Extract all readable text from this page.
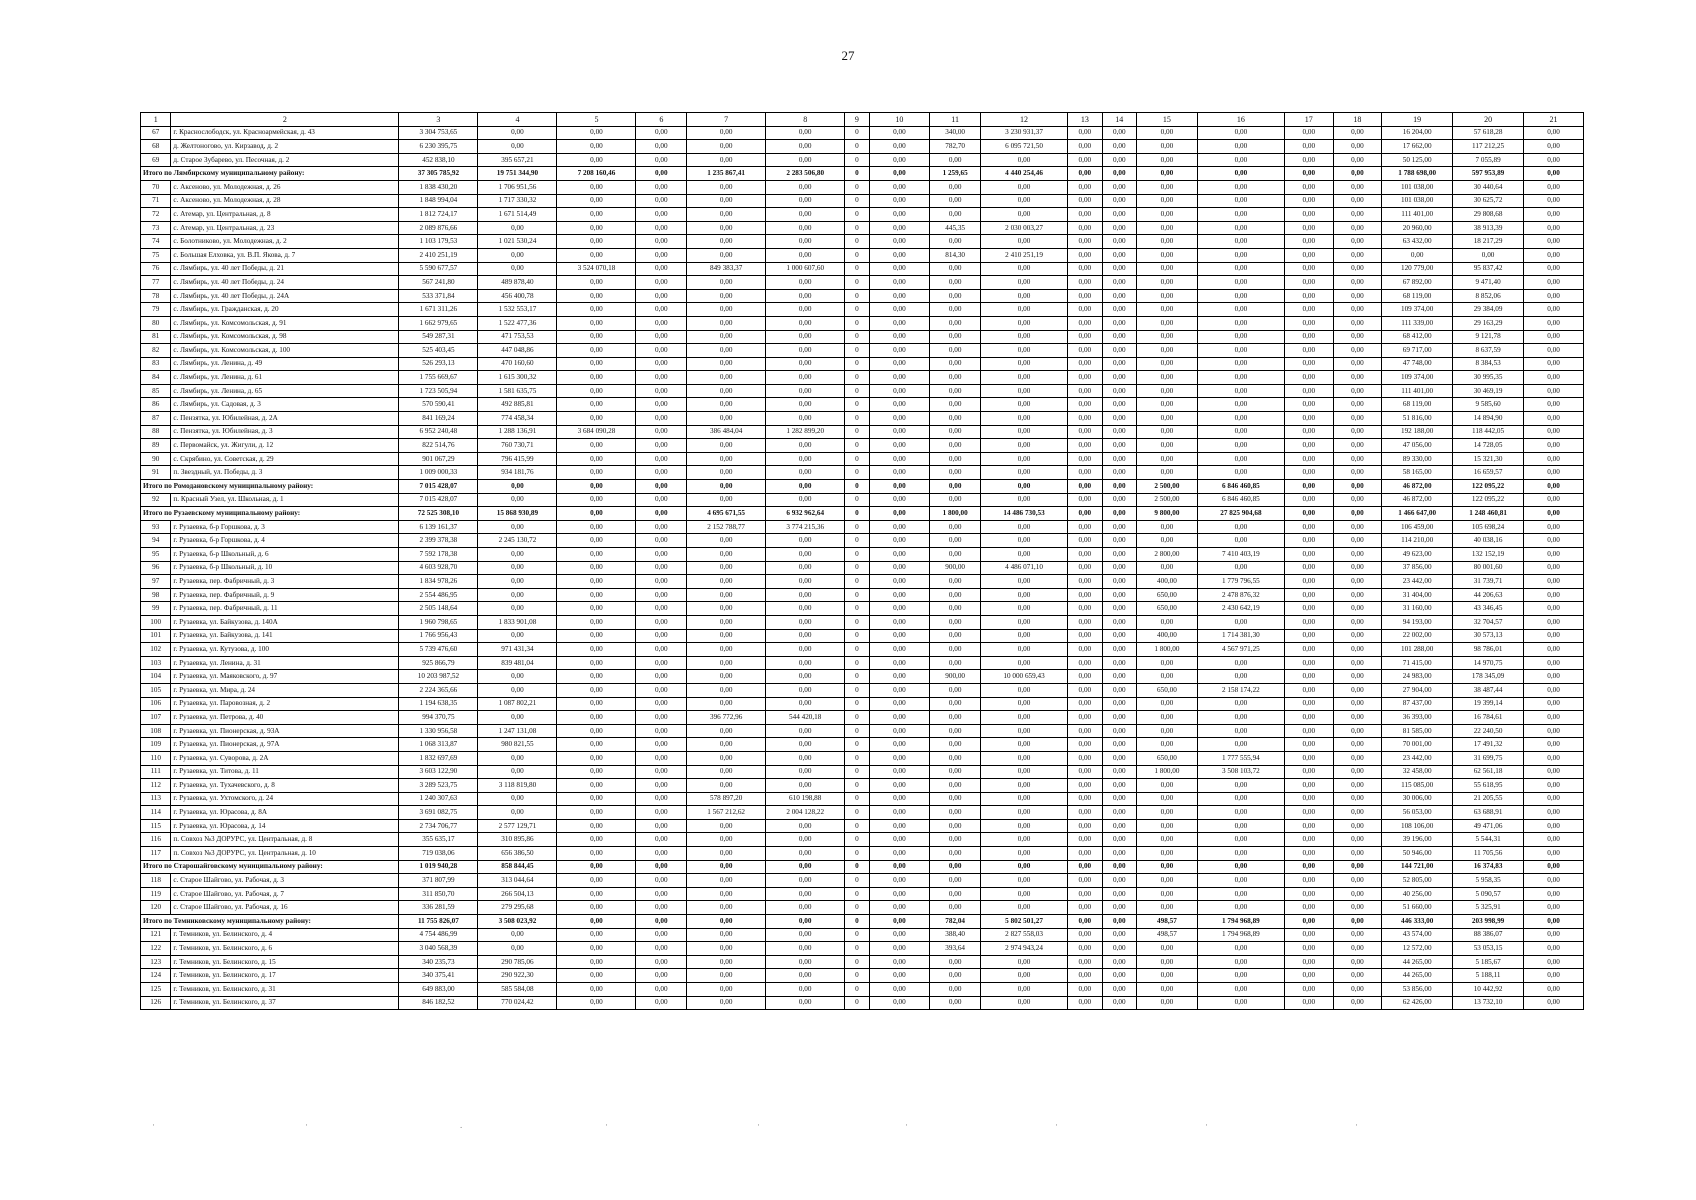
27
1	2	3	4	5	6	7	8	9	10	11	12	13	14	15	16	17	18	19	20	21
67	г. Краснослободск, ул. Красноармейская, д. 43	3 304 753,65	0,00	0,00	0,00	0,00	0,00	0	0,00	340,00	3 230 931,37	0,00	0,00	0,00	0,00	0,00	0,00	16 204,00	57 618,28	0,00
68	д. Желтоногово, ул. Кирзавод, д. 2	6 230 395,75	0,00	0,00	0,00	0,00	0,00	0	0,00	782,70	6 095 721,50	0,00	0,00	0,00	0,00	0,00	0,00	17 662,00	117 212,25	0,00
69	д. Старое Зубарево, ул. Песочная, д. 2	452 838,10	395 657,21	0,00	0,00	0,00	0,00	0	0,00	0,00	0,00	0,00	0,00	0,00	0,00	0,00	0,00	50 125,00	7 055,89	0,00
Итого по Лямбирскому муниципальному району:		37 305 785,92	19 751 344,90	7 208 160,46	0,00	1 235 867,41	2 283 506,80	0	0,00	1 259,65	4 440 254,46	0,00	0,00	0,00	0,00	0,00	0,00	1 788 698,00	597 953,89	0,00
70	с. Аксеново, ул. Молодежная, д. 26	1 838 430,20	1 706 951,56	0,00	0,00	0,00	0,00	0	0,00	0,00	0,00	0,00	0,00	0,00	0,00	0,00	0,00	101 038,00	30 440,64	0,00
71	с. Аксеново, ул. Молодежная, д. 28	1 848 994,04	1 717 330,32	0,00	0,00	0,00	0,00	0	0,00	0,00	0,00	0,00	0,00	0,00	0,00	0,00	0,00	101 038,00	30 625,72	0,00
72	с. Атемар, ул. Центральная, д. 8	1 812 724,17	1 671 514,49	0,00	0,00	0,00	0,00	0	0,00	0,00	0,00	0,00	0,00	0,00	0,00	0,00	0,00	111 401,00	29 808,68	0,00
73	с. Атемар, ул. Центральная, д. 23	2 089 876,66	0,00	0,00	0,00	0,00	0,00	0	0,00	445,35	2 030 003,27	0,00	0,00	0,00	0,00	0,00	0,00	20 960,00	38 913,39	0,00
74	с. Болотниково, ул. Молодежная, д. 2	1 103 179,53	1 021 530,24	0,00	0,00	0,00	0,00	0	0,00	0,00	0,00	0,00	0,00	0,00	0,00	0,00	0,00	63 432,00	18 217,29	0,00
75	с. Большая Елховка, ул. В.П. Якова, д. 7	2 410 251,19	0,00	0,00	0,00	0,00	0,00	0	0,00	814,30	2 410 251,19	0,00	0,00	0,00	0,00	0,00	0,00	0,00	0,00	0,00
76	с. Лямбирь, ул. 40 лет Победы, д. 21	5 590 677,57	0,00	3 524 070,18	0,00	849 383,37	1 000 607,60	0	0,00	0,00	0,00	0,00	0,00	0,00	0,00	0,00	0,00	120 779,00	95 837,42	0,00
77	с. Лямбирь, ул. 40 лет Победы, д. 24	567 241,80	489 878,40	0,00	0,00	0,00	0,00	0	0,00	0,00	0,00	0,00	0,00	0,00	0,00	0,00	0,00	67 892,00	9 471,40	0,00
78	с. Лямбирь, ул. 40 лет Победы, д. 24А	533 371,84	456 400,78	0,00	0,00	0,00	0,00	0	0,00	0,00	0,00	0,00	0,00	0,00	0,00	0,00	0,00	68 119,00	8 852,06	0,00
79	с. Лямбирь, ул. Гражданская, д. 20	1 671 311,26	1 532 553,17	0,00	0,00	0,00	0,00	0	0,00	0,00	0,00	0,00	0,00	0,00	0,00	0,00	0,00	109 374,00	29 384,09	0,00
80	с. Лямбирь, ул. Комсомольская, д. 91	1 662 979,65	1 522 477,36	0,00	0,00	0,00	0,00	0	0,00	0,00	0,00	0,00	0,00	0,00	0,00	0,00	0,00	111 339,00	29 163,29	0,00
81	с. Лямбирь, ул. Комсомольская, д. 98	549 287,31	471 753,53	0,00	0,00	0,00	0,00	0	0,00	0,00	0,00	0,00	0,00	0,00	0,00	0,00	0,00	68 412,00	9 121,78	0,00
82	с. Лямбирь, ул. Комсомольская, д. 100	525 403,45	447 048,86	0,00	0,00	0,00	0,00	0	0,00	0,00	0,00	0,00	0,00	0,00	0,00	0,00	0,00	69 717,00	8 637,59	0,00
83	с. Лямбирь, ул. Ленина, д. 49	526 293,13	470 160,60	0,00	0,00	0,00	0,00	0	0,00	0,00	0,00	0,00	0,00	0,00	0,00	0,00	0,00	47 748,00	8 384,53	0,00
84	с. Лямбирь, ул. Ленина, д. 61	1 755 669,67	1 615 300,32	0,00	0,00	0,00	0,00	0	0,00	0,00	0,00	0,00	0,00	0,00	0,00	0,00	0,00	109 374,00	30 995,35	0,00
85	с. Лямбирь, ул. Ленина, д. 65	1 723 505,94	1 581 635,75	0,00	0,00	0,00	0,00	0	0,00	0,00	0,00	0,00	0,00	0,00	0,00	0,00	0,00	111 401,00	30 469,19	0,00
86	с. Лямбирь, ул. Садовая, д. 3	570 590,41	492 885,81	0,00	0,00	0,00	0,00	0	0,00	0,00	0,00	0,00	0,00	0,00	0,00	0,00	0,00	68 119,00	9 585,60	0,00
87	с. Пензятка, ул. Юбилейная, д. 2А	841 169,24	774 458,34	0,00	0,00	0,00	0,00	0	0,00	0,00	0,00	0,00	0,00	0,00	0,00	0,00	0,00	51 816,00	14 894,90	0,00
88	с. Пензятка, ул. Юбилейная, д. 3	6 952 240,48	1 288 136,91	3 684 090,28	0,00	386 484,04	1 282 899,20	0	0,00	0,00	0,00	0,00	0,00	0,00	0,00	0,00	0,00	192 188,00	118 442,05	0,00
89	с. Первомайск, ул. Жигули, д. 12	822 514,76	760 730,71	0,00	0,00	0,00	0,00	0	0,00	0,00	0,00	0,00	0,00	0,00	0,00	0,00	0,00	47 056,00	14 728,05	0,00
90	с. Скрябино, ул. Советская, д. 29	901 067,29	796 415,99	0,00	0,00	0,00	0,00	0	0,00	0,00	0,00	0,00	0,00	0,00	0,00	0,00	0,00	89 330,00	15 321,30	0,00
91	п. Звездный, ул. Победы, д. 3	1 009 000,33	934 181,76	0,00	0,00	0,00	0,00	0	0,00	0,00	0,00	0,00	0,00	0,00	0,00	0,00	0,00	58 165,00	16 659,57	0,00
Итого по Ромодановскому муниципальному району:		7 015 428,07	0,00	0,00	0,00	0,00	0,00	0	0,00	0,00	0,00	0,00	0,00	2 500,00	6 846 460,85	0,00	0,00	46 872,00	122 095,22	0,00
92	п. Красный Узел, ул. Школьная, д. 1	7 015 428,07	0,00	0,00	0,00	0,00	0,00	0	0,00	0,00	0,00	0,00	0,00	2 500,00	6 846 460,85	0,00	0,00	46 872,00	122 095,22	0,00
Итого по Рузаевскому муниципальному району:		72 525 308,10	15 868 930,89	0,00	0,00	4 695 671,55	6 932 962,64	0	0,00	1 800,00	14 486 730,53	0,00	0,00	9 800,00	27 825 904,68	0,00	0,00	1 466 647,00	1 248 460,81	0,00
93	г. Рузаевка, б-р Горшкова, д. 3	6 139 161,37	0,00	0,00	0,00	2 152 788,77	3 774 215,36	0	0,00	0,00	0,00	0,00	0,00	0,00	0,00	0,00	0,00	106 459,00	105 698,24	0,00
94	г. Рузаевка, б-р Горшкова, д. 4	2 399 378,38	2 245 130,72	0,00	0,00	0,00	0,00	0	0,00	0,00	0,00	0,00	0,00	0,00	0,00	0,00	0,00	114 210,00	40 038,16	0,00
95	г. Рузаевка, б-р Школьный, д. 6	7 592 178,38	0,00	0,00	0,00	0,00	0,00	0	0,00	0,00	0,00	0,00	0,00	2 800,00	7 410 403,19	0,00	0,00	49 623,00	132 152,19	0,00
96	г. Рузаевка, б-р Школьный, д. 10	4 603 928,70	0,00	0,00	0,00	0,00	0,00	0	0,00	900,00	4 486 071,10	0,00	0,00	0,00	0,00	0,00	0,00	37 856,00	80 001,60	0,00
97	г. Рузаевка, пер. Фабричный, д. 3	1 834 978,26	0,00	0,00	0,00	0,00	0,00	0	0,00	0,00	0,00	0,00	0,00	400,00	1 779 796,55	0,00	0,00	23 442,00	31 739,71	0,00
98	г. Рузаевка, пер. Фабричный, д. 9	2 554 486,95	0,00	0,00	0,00	0,00	0,00	0	0,00	0,00	0,00	0,00	0,00	650,00	2 478 876,32	0,00	0,00	31 404,00	44 206,63	0,00
99	г. Рузаевка, пер. Фабричный, д. 11	2 505 148,64	0,00	0,00	0,00	0,00	0,00	0	0,00	0,00	0,00	0,00	0,00	650,00	2 430 642,19	0,00	0,00	31 160,00	43 346,45	0,00
100	г. Рузаевка, ул. Байкузова, д. 140А	1 960 798,65	1 833 901,08	0,00	0,00	0,00	0,00	0	0,00	0,00	0,00	0,00	0,00	0,00	0,00	0,00	0,00	94 193,00	32 704,57	0,00
101	г. Рузаевка, ул. Байкузова, д. 141	1 766 956,43	0,00	0,00	0,00	0,00	0,00	0	0,00	0,00	0,00	0,00	0,00	400,00	1 714 381,30	0,00	0,00	22 002,00	30 573,13	0,00
102	г. Рузаевка, ул. Кутузова, д. 100	5 739 476,60	971 431,34	0,00	0,00	0,00	0,00	0	0,00	0,00	0,00	0,00	0,00	1 800,00	4 567 971,25	0,00	0,00	101 288,00	98 786,01	0,00
103	г. Рузаевка, ул. Ленина, д. 31	925 866,79	839 481,04	0,00	0,00	0,00	0,00	0	0,00	0,00	0,00	0,00	0,00	0,00	0,00	0,00	0,00	71 415,00	14 970,75	0,00
104	г. Рузаевка, ул. Маяковского, д. 97	10 203 987,52	0,00	0,00	0,00	0,00	0,00	0	0,00	900,00	10 000 659,43	0,00	0,00	0,00	0,00	0,00	0,00	24 983,00	178 345,09	0,00
105	г. Рузаевка, ул. Мира, д. 24	2 224 365,66	0,00	0,00	0,00	0,00	0,00	0	0,00	0,00	0,00	0,00	0,00	650,00	2 158 174,22	0,00	0,00	27 904,00	38 487,44	0,00
106	г. Рузаевка, ул. Паровозная, д. 2	1 194 638,35	1 087 802,21	0,00	0,00	0,00	0,00	0	0,00	0,00	0,00	0,00	0,00	0,00	0,00	0,00	0,00	87 437,00	19 399,14	0,00
107	г. Рузаевка, ул. Петрова, д. 40	994 370,75	0,00	0,00	0,00	396 772,96	544 420,18	0	0,00	0,00	0,00	0,00	0,00	0,00	0,00	0,00	0,00	36 393,00	16 784,61	0,00
108	г. Рузаевка, ул. Пионерская, д. 93А	1 330 956,58	1 247 131,08	0,00	0,00	0,00	0,00	0	0,00	0,00	0,00	0,00	0,00	0,00	0,00	0,00	0,00	81 585,00	22 240,50	0,00
109	г. Рузаевка, ул. Пионерская, д. 97А	1 068 313,87	980 821,55	0,00	0,00	0,00	0,00	0	0,00	0,00	0,00	0,00	0,00	0,00	0,00	0,00	0,00	70 001,00	17 491,32	0,00
110	г. Рузаевка, ул. Суворова, д. 2А	1 832 697,69	0,00	0,00	0,00	0,00	0,00	0	0,00	0,00	0,00	0,00	0,00	650,00	1 777 555,94	0,00	0,00	23 442,00	31 699,75	0,00
111	г. Рузаевка, ул. Титова, д. 11	3 603 122,90	0,00	0,00	0,00	0,00	0,00	0	0,00	0,00	0,00	0,00	0,00	1 800,00	3 508 103,72	0,00	0,00	32 458,00	62 561,18	0,00
112	г. Рузаевка, ул. Тухачевского, д. 8	3 289 523,75	3 118 819,80	0,00	0,00	0,00	0,00	0	0,00	0,00	0,00	0,00	0,00	0,00	0,00	0,00	0,00	115 085,00	55 618,95	0,00
113	г. Рузаевка, ул. Ухтомского, д. 24	1 240 307,63	0,00	0,00	0,00	578 897,20	610 198,88	0	0,00	0,00	0,00	0,00	0,00	0,00	0,00	0,00	0,00	30 006,00	21 205,55	0,00
114	г. Рузаевка, ул. Юрасова, д. 8А	3 691 082,75	0,00	0,00	0,00	1 567 212,62	2 004 128,22	0	0,00	0,00	0,00	0,00	0,00	0,00	0,00	0,00	0,00	56 053,00	63 688,91	0,00
115	г. Рузаевка, ул. Юрасова, д. 14	2 734 706,77	2 577 129,71	0,00	0,00	0,00	0,00	0	0,00	0,00	0,00	0,00	0,00	0,00	0,00	0,00	0,00	108 106,00	49 471,06	0,00
116	п. Совхоз №3 ДОРУРС, ул. Центральная, д. 8	355 635,17	310 895,86	0,00	0,00	0,00	0,00	0	0,00	0,00	0,00	0,00	0,00	0,00	0,00	0,00	0,00	39 196,00	5 544,31	0,00
117	п. Совхоз №3 ДОРУРС, ул. Центральная, д. 10	719 038,06	656 386,50	0,00	0,00	0,00	0,00	0	0,00	0,00	0,00	0,00	0,00	0,00	0,00	0,00	0,00	50 946,00	11 705,56	0,00
Итого по Старошайговскому муниципальному району:		1 019 940,28	858 844,45	0,00	0,00	0,00	0,00	0	0,00	0,00	0,00	0,00	0,00	0,00	0,00	0,00	0,00	144 721,00	16 374,83	0,00
118	с. Старое Шайгово, ул. Рабочая, д. 3	371 807,99	313 044,64	0,00	0,00	0,00	0,00	0	0,00	0,00	0,00	0,00	0,00	0,00	0,00	0,00	0,00	52 805,00	5 958,35	0,00
119	с. Старое Шайгово, ул. Рабочая, д. 7	311 850,70	266 504,13	0,00	0,00	0,00	0,00	0	0,00	0,00	0,00	0,00	0,00	0,00	0,00	0,00	0,00	40 256,00	5 090,57	0,00
120	с. Старое Шайгово, ул. Рабочая, д. 16	336 281,59	279 295,68	0,00	0,00	0,00	0,00	0	0,00	0,00	0,00	0,00	0,00	0,00	0,00	0,00	0,00	51 660,00	5 325,91	0,00
Итого по Темниковскому муниципальному району:		11 755 826,07	3 508 023,92	0,00	0,00	0,00	0,00	0	0,00	782,04	5 802 501,27	0,00	0,00	498,57	1 794 968,89	0,00	0,00	446 333,00	203 998,99	0,00
121	г. Темников, ул. Белинского, д. 4	4 754 486,99	0,00	0,00	0,00	0,00	0,00	0	0,00	388,40	2 827 558,03	0,00	0,00	498,57	1 794 968,89	0,00	0,00	43 574,00	88 386,07	0,00
122	г. Темников, ул. Белинского, д. 6	3 040 568,39	0,00	0,00	0,00	0,00	0,00	0	0,00	393,64	2 974 943,24	0,00	0,00	0,00	0,00	0,00	0,00	12 572,00	53 053,15	0,00
123	г. Темников, ул. Белинского, д. 15	340 235,73	290 785,06	0,00	0,00	0,00	0,00	0	0,00	0,00	0,00	0,00	0,00	0,00	0,00	0,00	0,00	44 265,00	5 185,67	0,00
124	г. Темников, ул. Белинского, д. 17	340 375,41	290 922,30	0,00	0,00	0,00	0,00	0	0,00	0,00	0,00	0,00	0,00	0,00	0,00	0,00	0,00	44 265,00	5 188,11	0,00
125	г. Темников, ул. Белинского, д. 31	649 883,00	585 584,08	0,00	0,00	0,00	0,00	0	0,00	0,00	0,00	0,00	0,00	0,00	0,00	0,00	0,00	53 856,00	10 442,92	0,00
126	г. Темников, ул. Белинского, д. 37	846 182,52	770 024,42	0,00	0,00	0,00	0,00	0	0,00	0,00	0,00	0,00	0,00	0,00	0,00	0,00	0,00	62 426,00	13 732,10	0,00
·	·	.	·	·	·	·	·	·
